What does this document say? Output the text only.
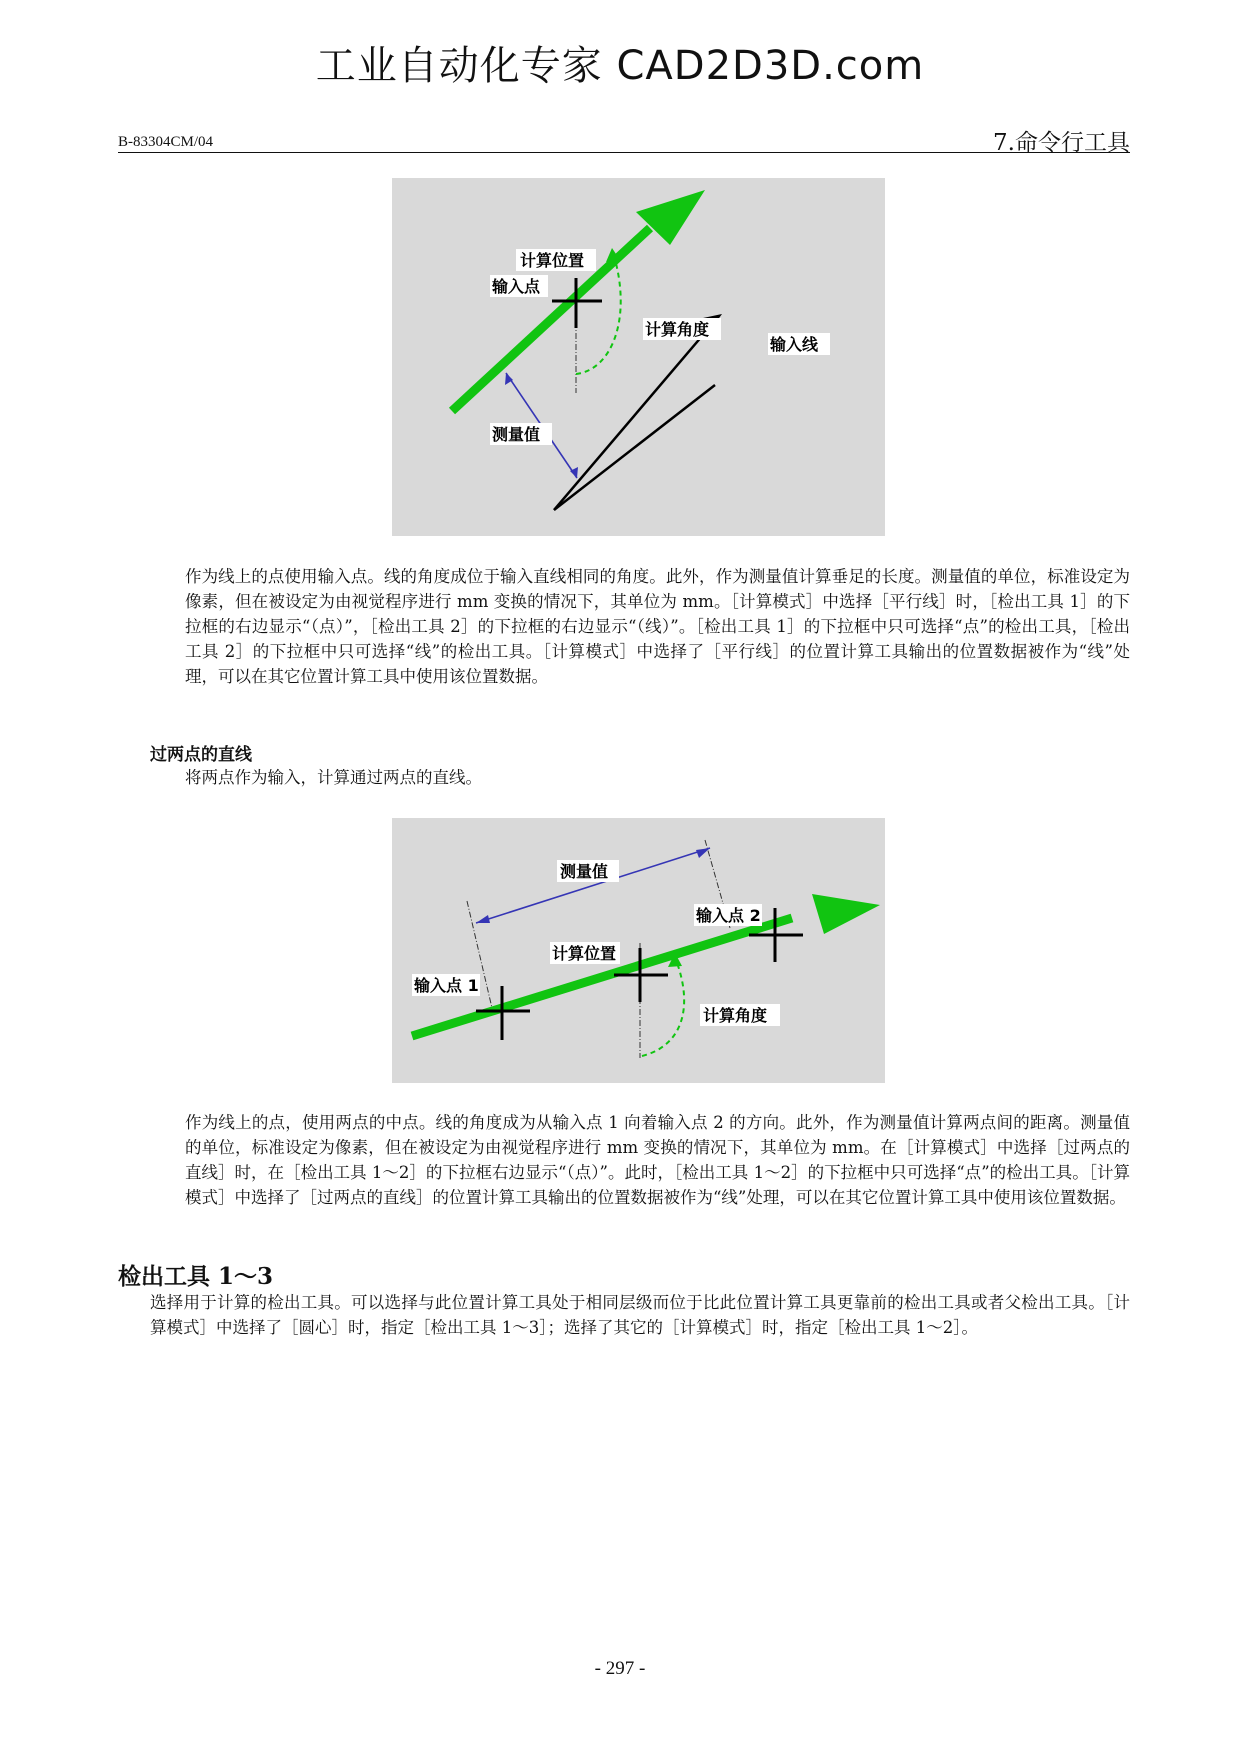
工业自动化专家 CAD2D3D.com
B-83304CM/04	7.命令行工具
计算位置
输入点
计算角度
输入线
测量值
作为线上的点使用输入点。线的角度成位于输入直线相同的角度。此外，作为测量值计算垂足的长度。测量值的单位，标准设定为像素，但在被设定为由视觉程序进行 mm 变换的情况下，其单位为 mm。［计算模式］中选择［平行线］时，［检出工具 1］的下拉框的右边显示“（点）”，［检出工具 2］的下拉框的右边显示“（线）”。［检出工具 1］的下拉框中只可选择“点”的检出工具，［检出工具 2］的下拉框中只可选择“线”的检出工具。［计算模式］中选择了［平行线］的位置计算工具输出的位置数据被作为“线”处理，可以在其它位置计算工具中使用该位置数据。
过两点的直线
将两点作为输入，计算通过两点的直线。
测量值
输入点 2
计算位置
输入点 1
计算角度
作为线上的点，使用两点的中点。线的角度成为从输入点 1 向着输入点 2 的方向。此外，作为测量值计算两点间的距离。测量值的单位，标准设定为像素，但在被设定为由视觉程序进行 mm 变换的情况下，其单位为 mm。在［计算模式］中选择［过两点的直线］时，在［检出工具 1～2］的下拉框右边显示“（点）”。此时，［检出工具 1～2］的下拉框中只可选择“点”的检出工具。［计算模式］中选择了［过两点的直线］的位置计算工具输出的位置数据被作为“线”处理，可以在其它位置计算工具中使用该位置数据。
检出工具 1～3
选择用于计算的检出工具。可以选择与此位置计算工具处于相同层级而位于比此位置计算工具更靠前的检出工具或者父检出工具。［计算模式］中选择了［圆心］时，指定［检出工具 1～3］；选择了其它的［计算模式］时，指定［检出工具 1～2］。
- 297 -
